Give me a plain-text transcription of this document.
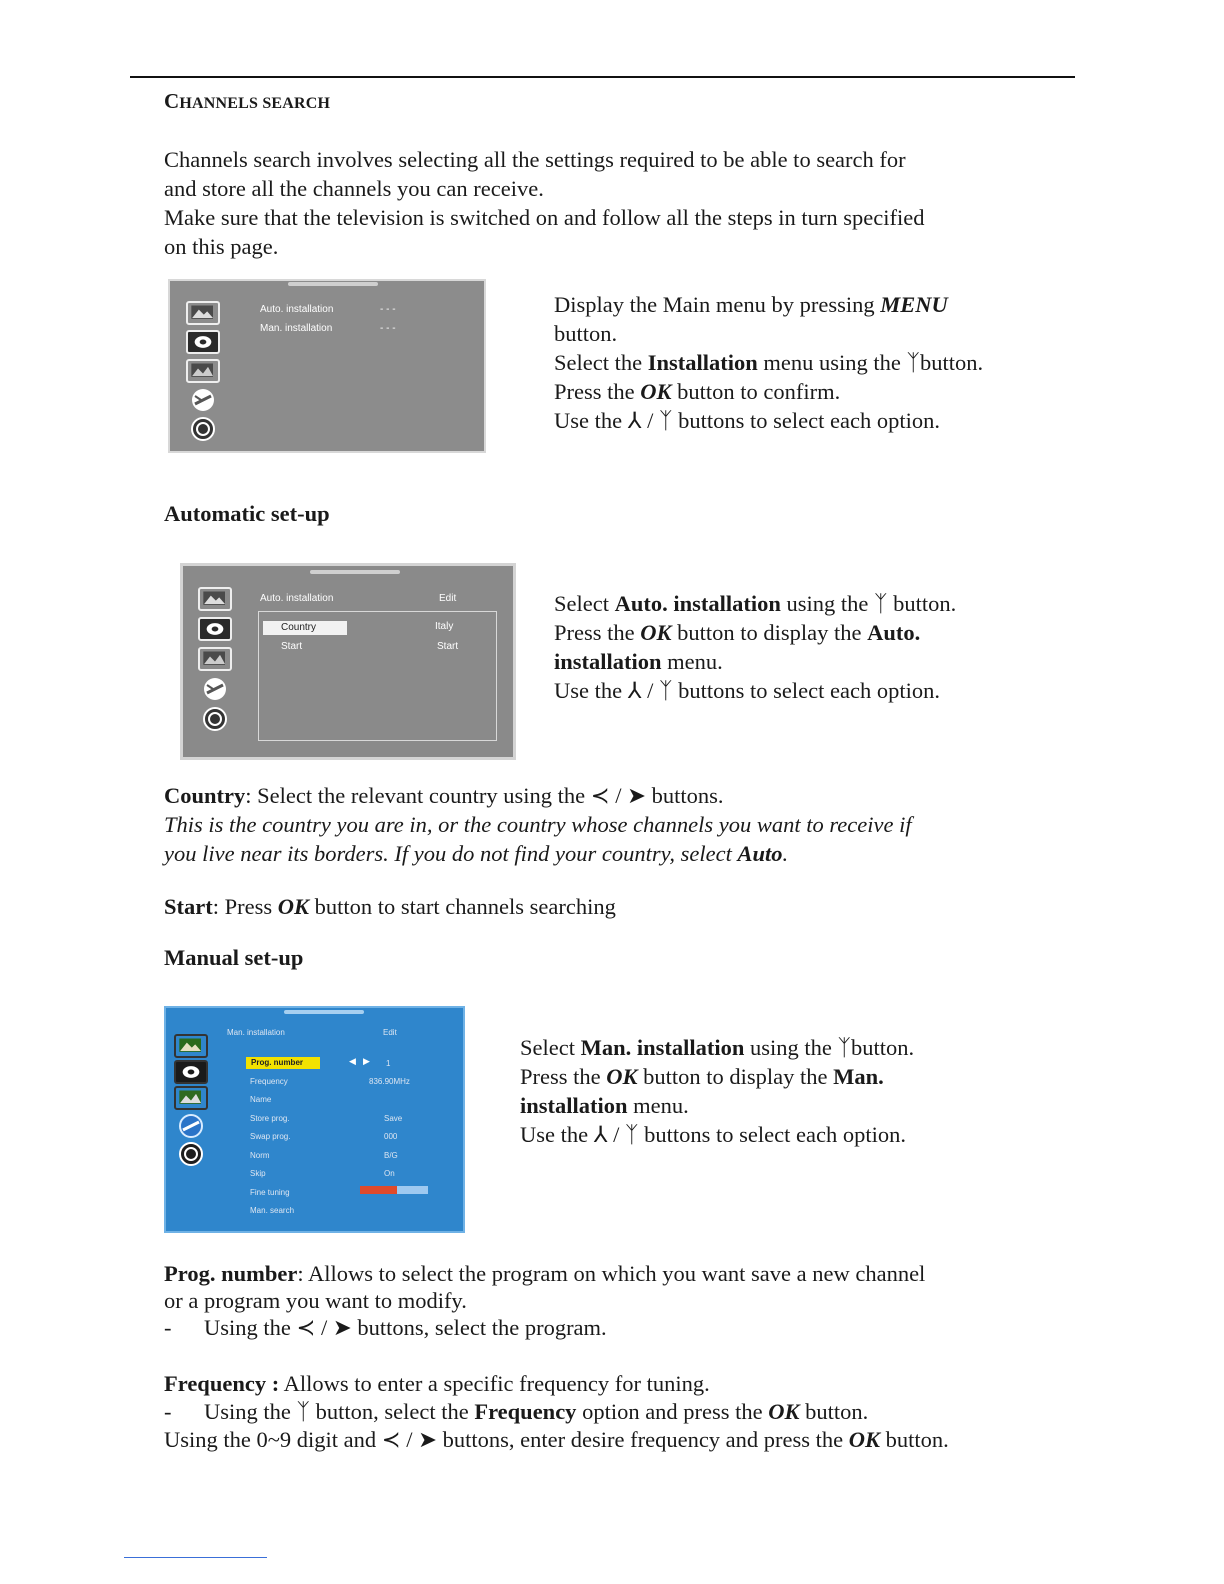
CHANNELS SEARCH
Channels search involves selecting all the settings required to be able to search for
and store all the channels you can receive.
Make sure that the television is switched on and follow all the steps in turn specified
on this page.
Auto. installation	- - -
Man. installation	- - -
Display the Main menu by pressing MENU
button.
Select the Installation menu using the ᛉbutton.
Press the OK button to confirm.
Use the ⅄ / ᛉ buttons to select each option.
Automatic set-up
Auto. installation	Edit
Country	Italy
Start	Start
Select Auto. installation using the ᛉ button.
Press the OK button to display the Auto.
installation menu.
Use the ⅄ / ᛉ buttons to select each option.
Country: Select the relevant country using the ≺ / ➤ buttons.
This is the country you are in, or the country whose channels you want to receive if
you live near its borders. If you do not find your country, select Auto.
Start: Press OK button to start channels searching
Manual set-up
Man. installation	Edit
Prog. number	◀ ▶ 1
Frequency	836.90MHz
Name
Store prog.	Save
Swap prog.	000
Norm	B/G
Skip	On
Fine tuning
Man. search
Select Man. installation using the ᛉbutton.
Press the OK button to display the Man.
installation menu.
Use the ⅄ / ᛉ buttons to select each option.
Prog. number: Allows to select the program on which you want save a new channel
or a program you want to modify.
- Using the ≺ / ➤ buttons, select the program.
Frequency : Allows to enter a specific frequency for tuning.
- Using the ᛉ button, select the Frequency option and press the OK button.
Using the 0~9 digit and ≺ / ➤ buttons, enter desire frequency and press the OK button.
